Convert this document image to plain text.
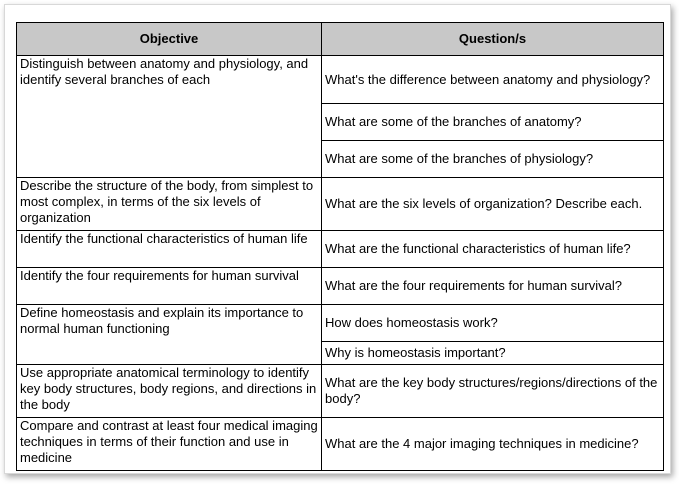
Objective	Question/s
Distinguish between anatomy and physiology, and identify several branches of each	What's the difference between anatomy and physiology?
	What are some of the branches of anatomy?
	What are some of the branches of physiology?
Describe the structure of the body, from simplest to most complex, in terms of the six levels of organization	What are the six levels of organization? Describe each.
Identify the functional characteristics of human life	What are the functional characteristics of human life?
Identify the four requirements for human survival	What are the four requirements for human survival?
Define homeostasis and explain its importance to normal human functioning	How does homeostasis work?
	Why is homeostasis important?
Use appropriate anatomical terminology to identify key body structures, body regions, and directions in the body	What are the key body structures/regions/directions of the body?
Compare and contrast at least four medical imaging techniques in terms of their function and use in medicine	What are the 4 major imaging techniques in medicine?
